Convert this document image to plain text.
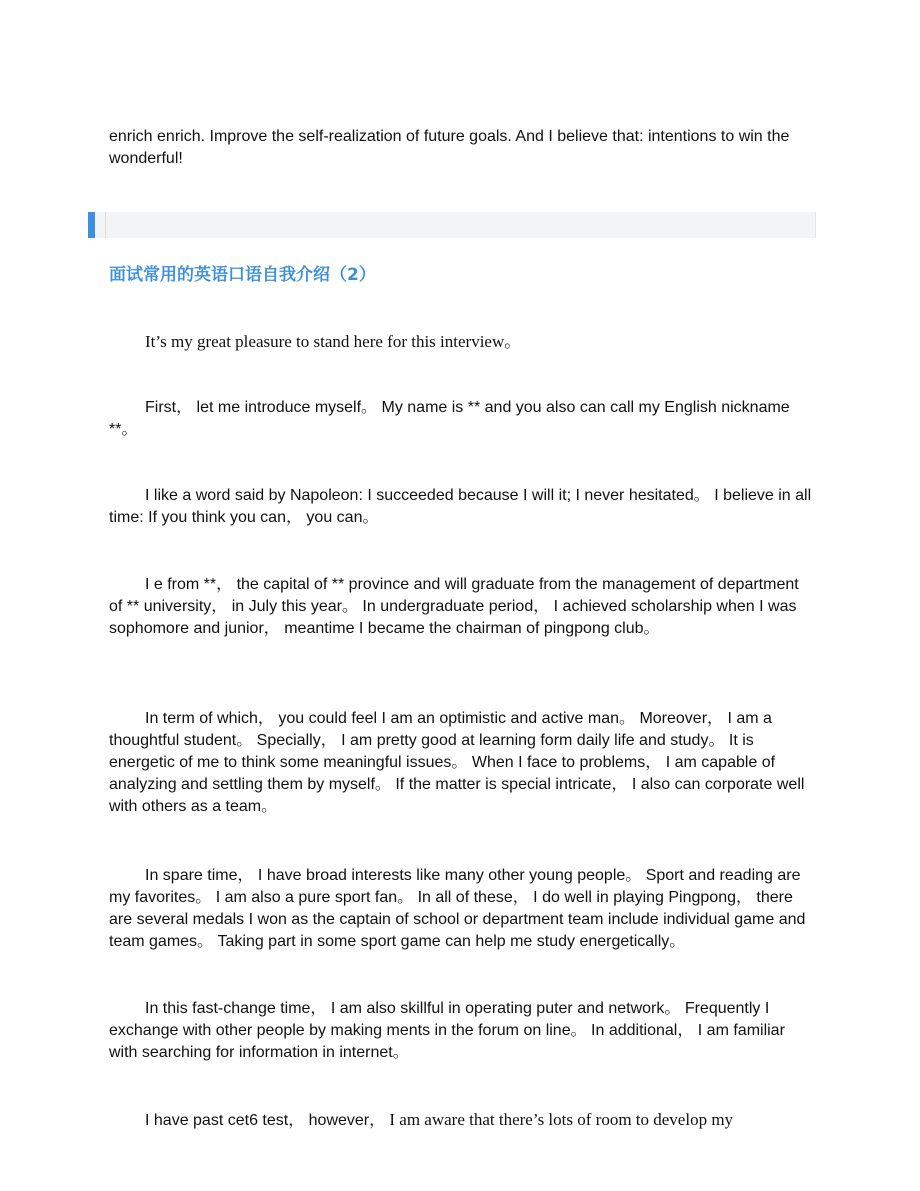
enrich enrich. Improve the self-realization of future goals. And I believe that: intentions to win the wonderful!

面试常用的英语口语自我介绍（2）

It’s my great pleasure to stand here for this interview。

First， let me introduce myself。 My name is ** and you also can call my English nickname **。

I like a word said by Napoleon: I succeeded because I will it; I never hesitated。 I believe in all time: If you think you can， you can。

I e from **， the capital of ** province and will graduate from the management of department of ** university， in July this year。 In undergraduate period， I achieved scholarship when I was sophomore and junior， meantime I became the chairman of pingpong club。

In term of which， you could feel I am an optimistic and active man。 Moreover， I am a thoughtful student。 Specially， I am pretty good at learning form daily life and study。 It is energetic of me to think some meaningful issues。 When I face to problems， I am capable of analyzing and settling them by myself。 If the matter is special intricate， I also can corporate well with others as a team。

In spare time， I have broad interests like many other young people。 Sport and reading are my favorites。 I am also a pure sport fan。 In all of these， I do well in playing Pingpong， there are several medals I won as the captain of school or department team include individual game and team games。 Taking part in some sport game can help me study energetically。

In this fast-change time， I am also skillful in operating puter and network。 Frequently I exchange with other people by making ments in the forum on line。 In additional， I am familiar with searching for information in internet。

I have past cet6 test， however， I am aware that there’s lots of room to develop my
